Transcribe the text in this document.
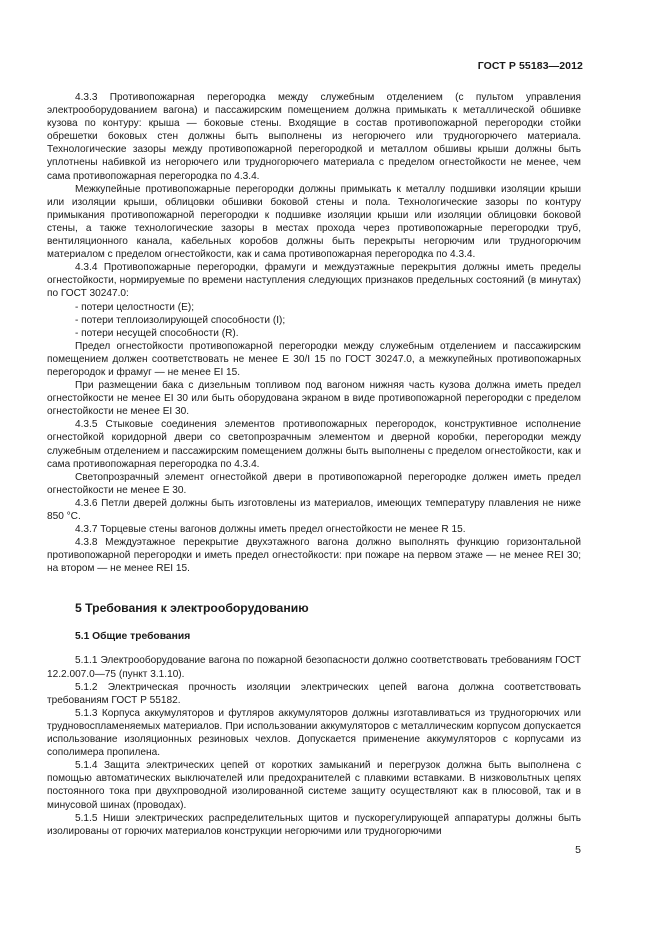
ГОСТ Р 55183—2012

4.3.3 Противопожарная перегородка между служебным отделением (с пультом управления электрооборудованием вагона) и пассажирским помещением должна примыкать к металлической обшивке кузова по контуру: крыша — боковые стены. Входящие в состав противопожарной перегородки стойки обрешетки боковых стен должны быть выполнены из негорючего или трудногорючего материала. Технологические зазоры между противопожарной перегородкой и металлом обшивы крыши должны быть уплотнены набивкой из негорючего или трудногорючего материала с пределом огнестойкости не менее, чем сама противопожарная перегородка по 4.3.4.

Межкупейные противопожарные перегородки должны примыкать к металлу подшивки изоляции крыши или изоляции крыши, облицовки обшивки боковой стены и пола. Технологические зазоры по контуру примыкания противопожарной перегородки к подшивке изоляции крыши или изоляции облицовки боковой стены, а также технологические зазоры в местах прохода через противопожарные перегородки труб, вентиляционного канала, кабельных коробов должны быть перекрыты негорючим или трудногорючим материалом с пределом огнестойкости, как и сама противопожарная перегородка по 4.3.4.

4.3.4 Противопожарные перегородки, фрамуги и междуэтажные перекрытия должны иметь пределы огнестойкости, нормируемые по времени наступления следующих признаков предельных состояний (в минутах) по ГОСТ 30247.0:

- потери целостности (Е);

- потери теплоизолирующей способности (I);

- потери несущей способности (R).

Предел огнестойкости противопожарной перегородки между служебным отделением и пассажирским помещением должен соответствовать не менее Е 30/I 15 по ГОСТ 30247.0, а межкупейных противопожарных перегородок и фрамуг — не менее ЕI 15.

При размещении бака с дизельным топливом под вагоном нижняя часть кузова должна иметь предел огнестойкости не менее ЕI 30 или быть оборудована экраном в виде противопожарной перегородки с пределом огнестойкости не менее ЕI 30.

4.3.5 Стыковые соединения элементов противопожарных перегородок, конструктивное исполнение огнестойкой коридорной двери со светопрозрачным элементом и дверной коробки, перегородки между служебным отделением и пассажирским помещением должны быть выполнены с пределом огнестойкости, как и сама противопожарная перегородка по 4.3.4.

Светопрозрачный элемент огнестойкой двери в противопожарной перегородке должен иметь предел огнестойкости не менее Е 30.

4.3.6 Петли дверей должны быть изготовлены из материалов, имеющих температуру плавления не ниже 850 °С.

4.3.7 Торцевые стены вагонов должны иметь предел огнестойкости не менее R 15.

4.3.8 Междуэтажное перекрытие двухэтажного вагона должно выполнять функцию горизонтальной противопожарной перегородки и иметь предел огнестойкости: при пожаре на первом этаже — не менее REI 30; на втором — не менее REI 15.

5 Требования к электрооборудованию
5.1 Общие требования

5.1.1 Электрооборудование вагона по пожарной безопасности должно соответствовать требованиям ГОСТ 12.2.007.0—75 (пункт 3.1.10).

5.1.2 Электрическая прочность изоляции электрических цепей вагона должна соответствовать требованиям ГОСТ Р 55182.

5.1.3 Корпуса аккумуляторов и футляров аккумуляторов должны изготавливаться из трудногорючих или трудновоспламеняемых материалов. При использовании аккумуляторов с металлическим корпусом допускается использование изоляционных резиновых чехлов. Допускается применение аккумуляторов с корпусами из сополимера пропилена.

5.1.4 Защита электрических цепей от коротких замыканий и перегрузок должна быть выполнена с помощью автоматических выключателей или предохранителей с плавкими вставками. В низковольтных цепях постоянного тока при двухпроводной изолированной системе защиту осуществляют как в плюсовой, так и в минусовой шинах (проводах).

5.1.5 Ниши электрических распределительных щитов и пускорегулирующей аппаратуры должны быть изолированы от горючих материалов конструкции негорючими или трудногорючими

5
